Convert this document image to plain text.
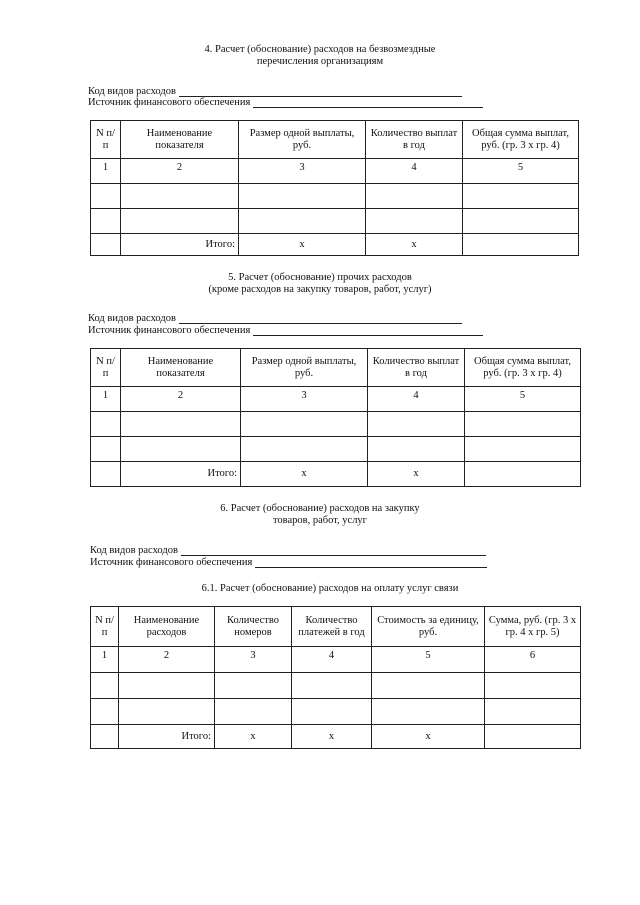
4. Расчет (обоснование) расходов на безвозмездные
перечисления организациям
Код видов расходов
Источник финансового обеспечения
N п/п	Наименование показателя	Размер одной выплаты, руб.	Количество выплат в год	Общая сумма выплат, руб. (гр. 3 х гр. 4)
1	2	3	4	5

	Итого:	х	х	
5. Расчет (обоснование) прочих расходов
(кроме расходов на закупку товаров, работ, услуг)
Код видов расходов
Источник финансового обеспечения
N п/п	Наименование показателя	Размер одной выплаты, руб.	Количество выплат в год	Общая сумма выплат, руб. (гр. 3 х гр. 4)
1	2	3	4	5

	Итого:	х	х	
6. Расчет (обоснование) расходов на закупку
товаров, работ, услуг
Код видов расходов
Источник финансового обеспечения
6.1. Расчет (обоснование) расходов на оплату услуг связи
N п/п	Наименование расходов	Количество номеров	Количество платежей в год	Стоимость за единицу, руб.	Сумма, руб. (гр. 3 х гр. 4 х гр. 5)
1	2	3	4	5	6

	Итого:	х	х	х	
